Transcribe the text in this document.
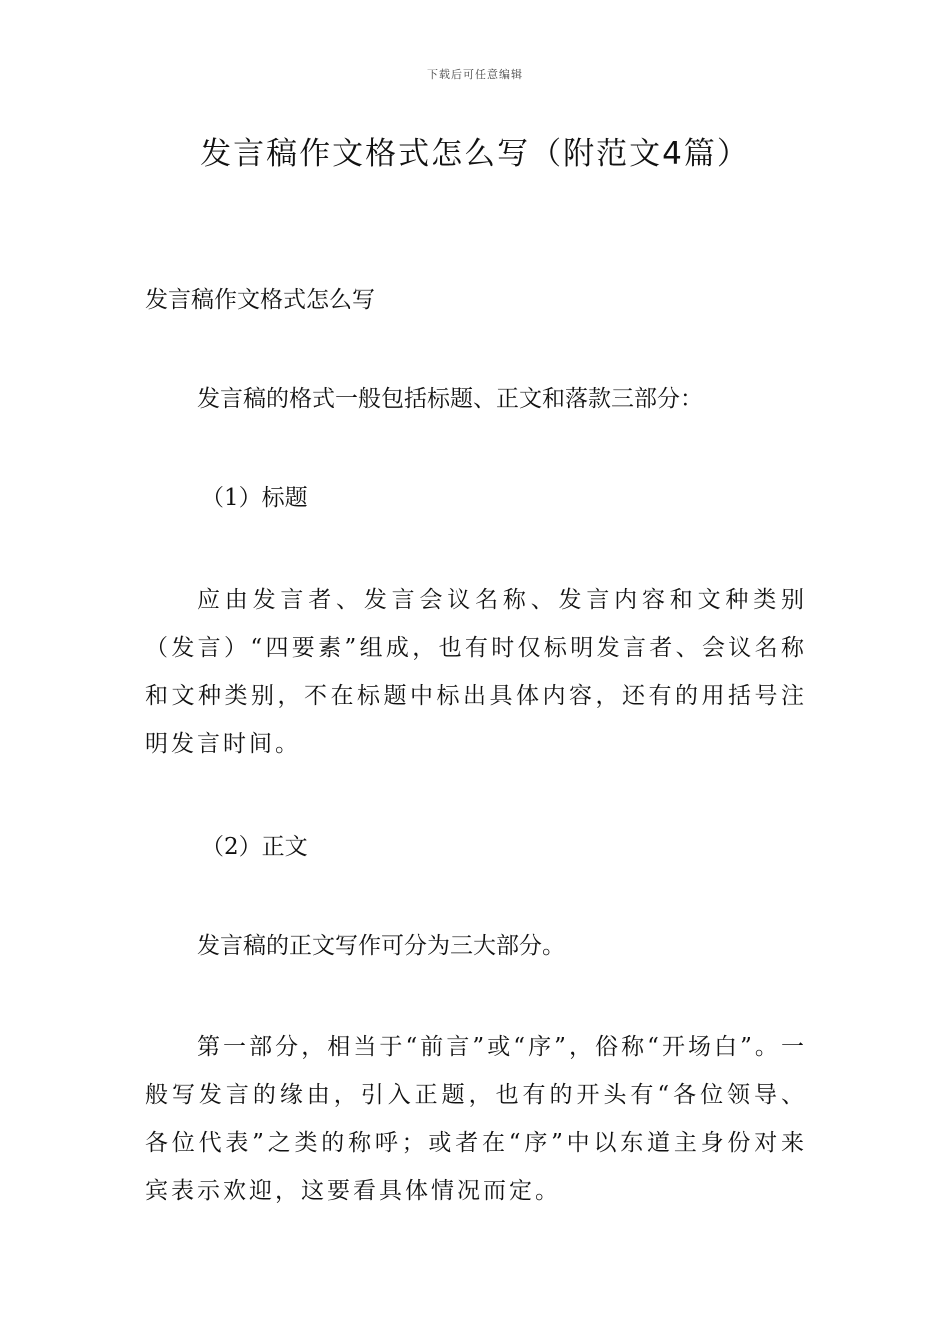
下载后可任意编辑
发言稿作文格式怎么写（附范文4篇）

发言稿作文格式怎么写

发言稿的格式一般包括标题、正文和落款三部分：

（1）标题

应由发言者、发言会议名称、发言内容和文种类别（发言）“四要素”组成，也有时仅标明发言者、会议名称和文种类别，不在标题中标出具体内容，还有的用括号注明发言时间。

（2）正文

发言稿的正文写作可分为三大部分。

第一部分，相当于“前言”或“序”，俗称“开场白”。一般写发言的缘由，引入正题，也有的开头有“各位领导、各位代表”之类的称呼；或者在“序”中以东道主身份对来宾表示欢迎，这要看具体情况而定。
